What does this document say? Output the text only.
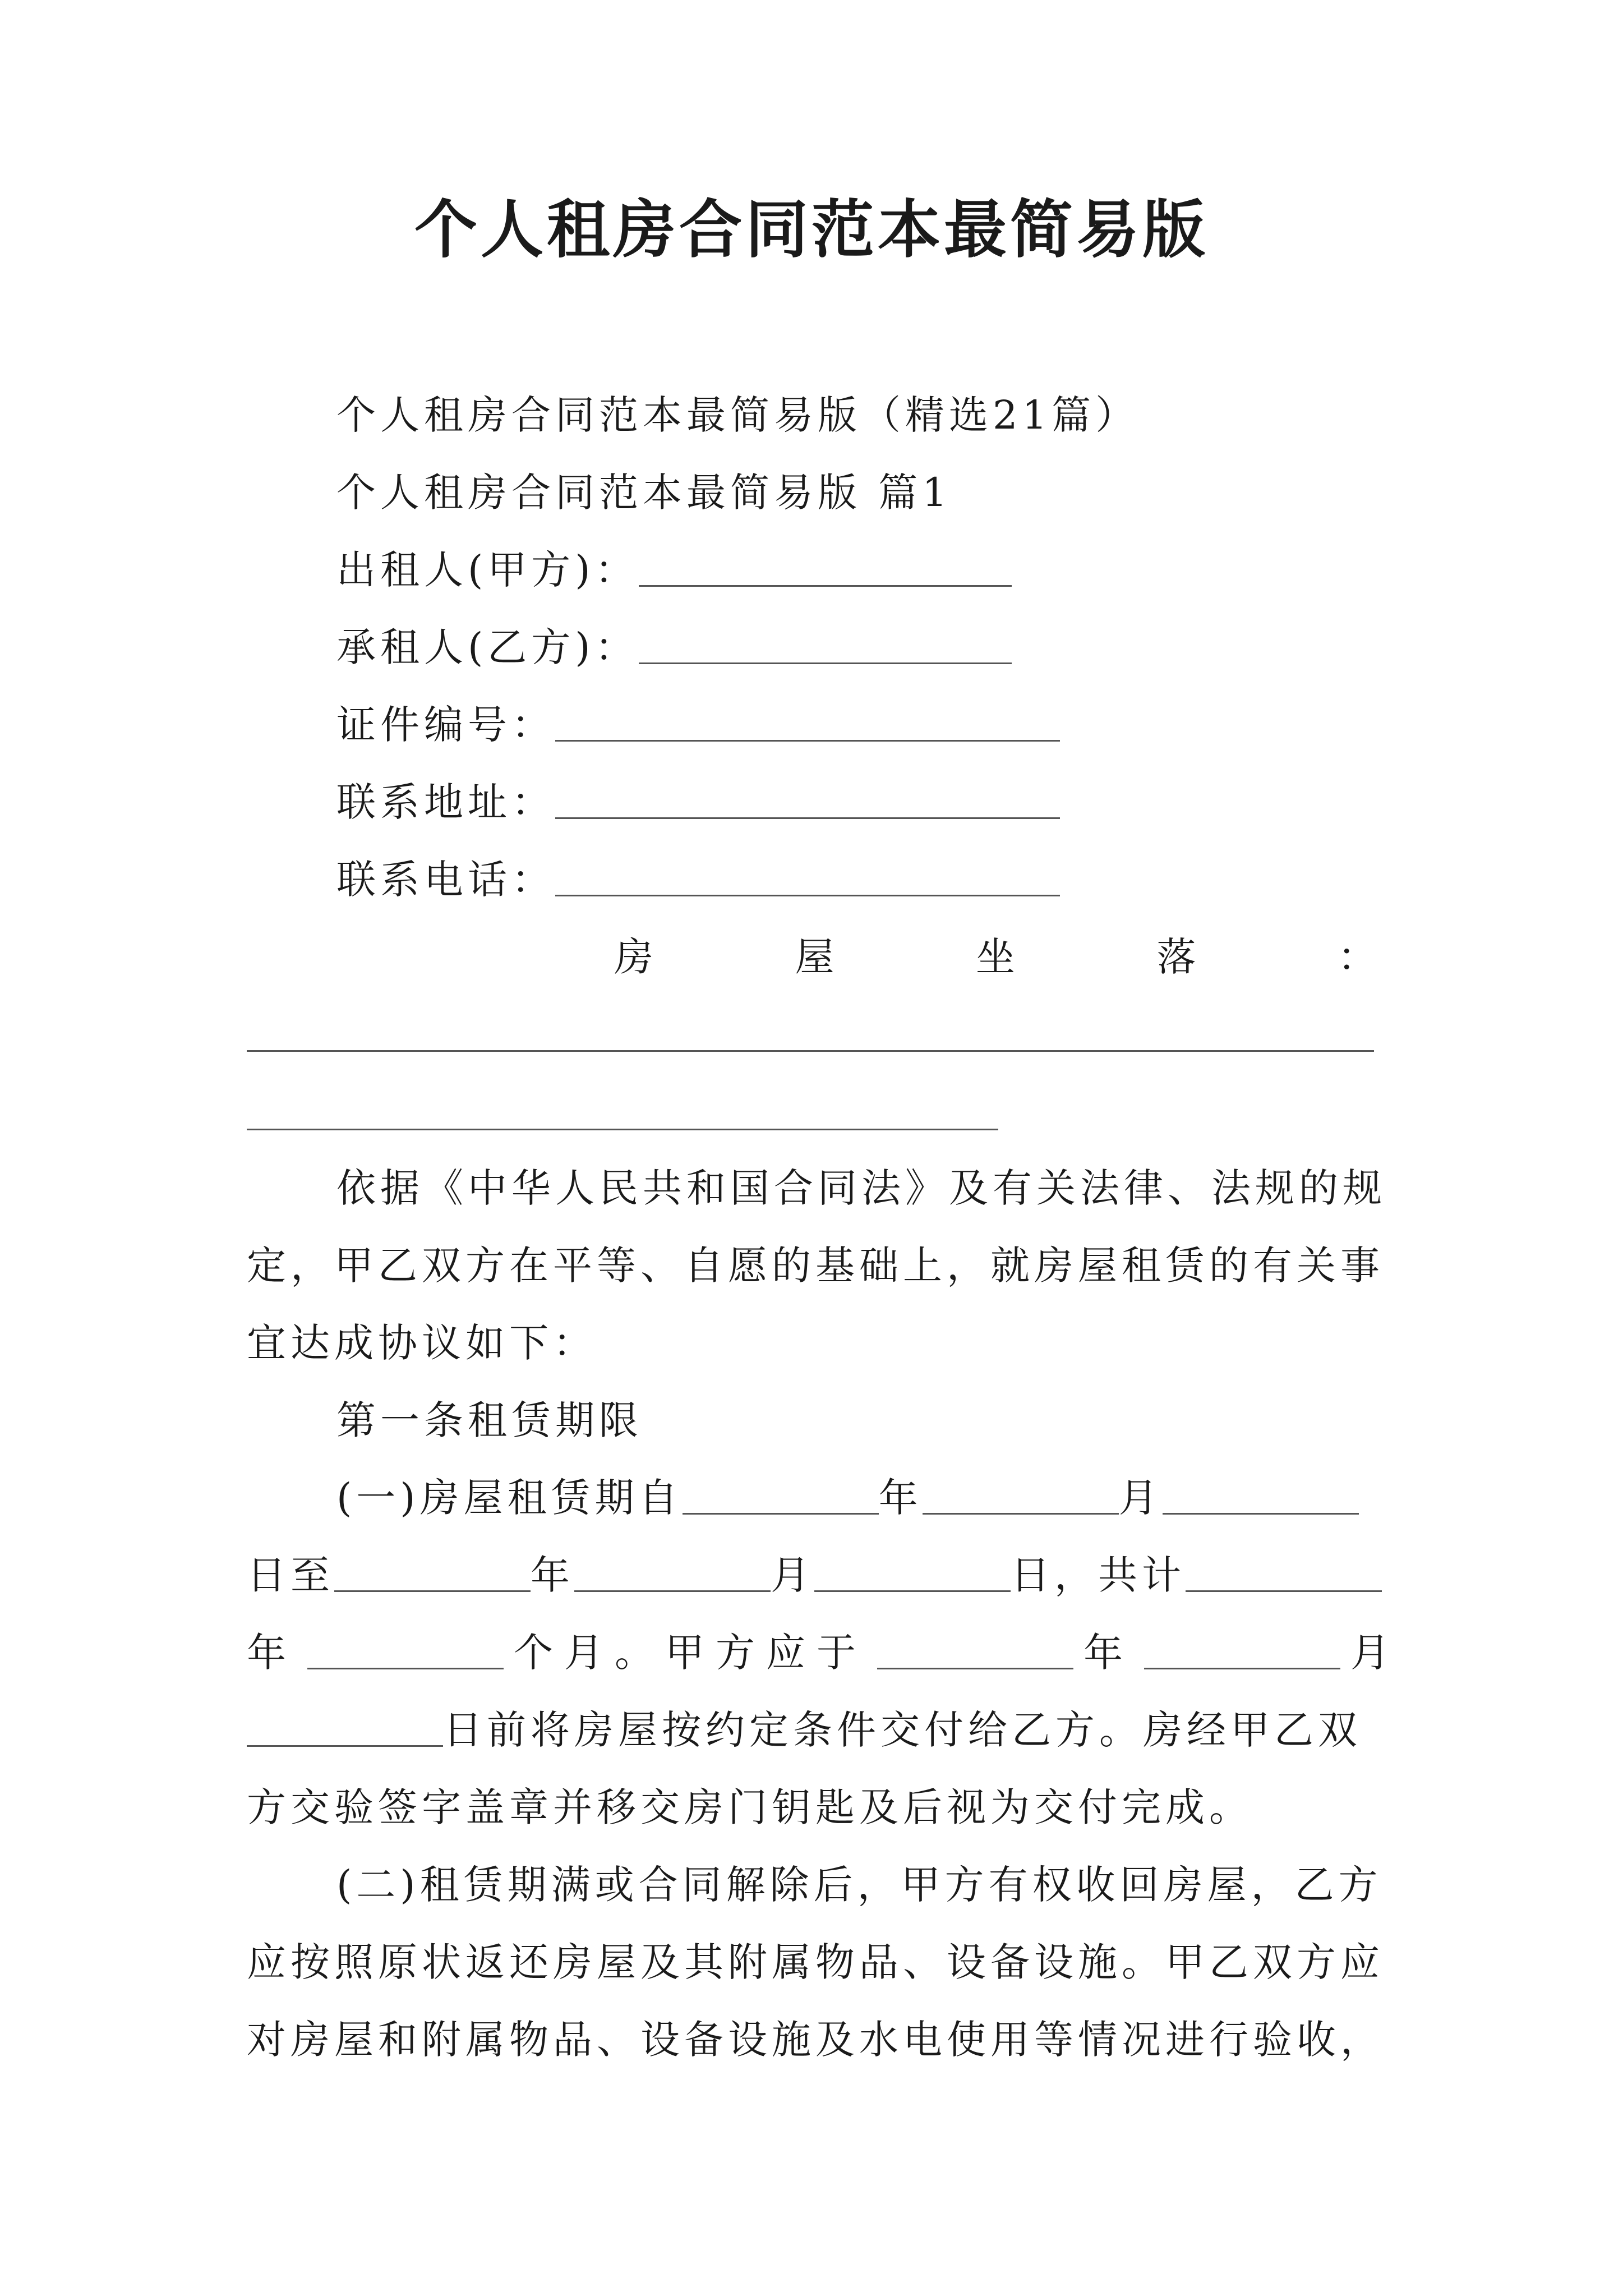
个人租房合同范本最简易版
个人租房合同范本最简易版（精选21篇）
个人租房合同范本最简易版 篇1
出租人(甲方)：
承租人(乙方)：
证件编号：
联系地址：
联系电话：
房	屋	坐	落	：
依据《中华人民共和国合同法》及有关法律、法规的规
定，甲乙双方在平等、自愿的基础上，就房屋租赁的有关事
宜达成协议如下：
第一条租赁期限
(一)房屋租赁期自	年	月
日至	年	月	日，共计
年	个月。甲方应于	年	月
日前将房屋按约定条件交付给乙方。房经甲乙双
方交验签字盖章并移交房门钥匙及后视为交付完成。
(二)租赁期满或合同解除后，甲方有权收回房屋，乙方
应按照原状返还房屋及其附属物品、设备设施。甲乙双方应
对房屋和附属物品、设备设施及水电使用等情况进行验收，
